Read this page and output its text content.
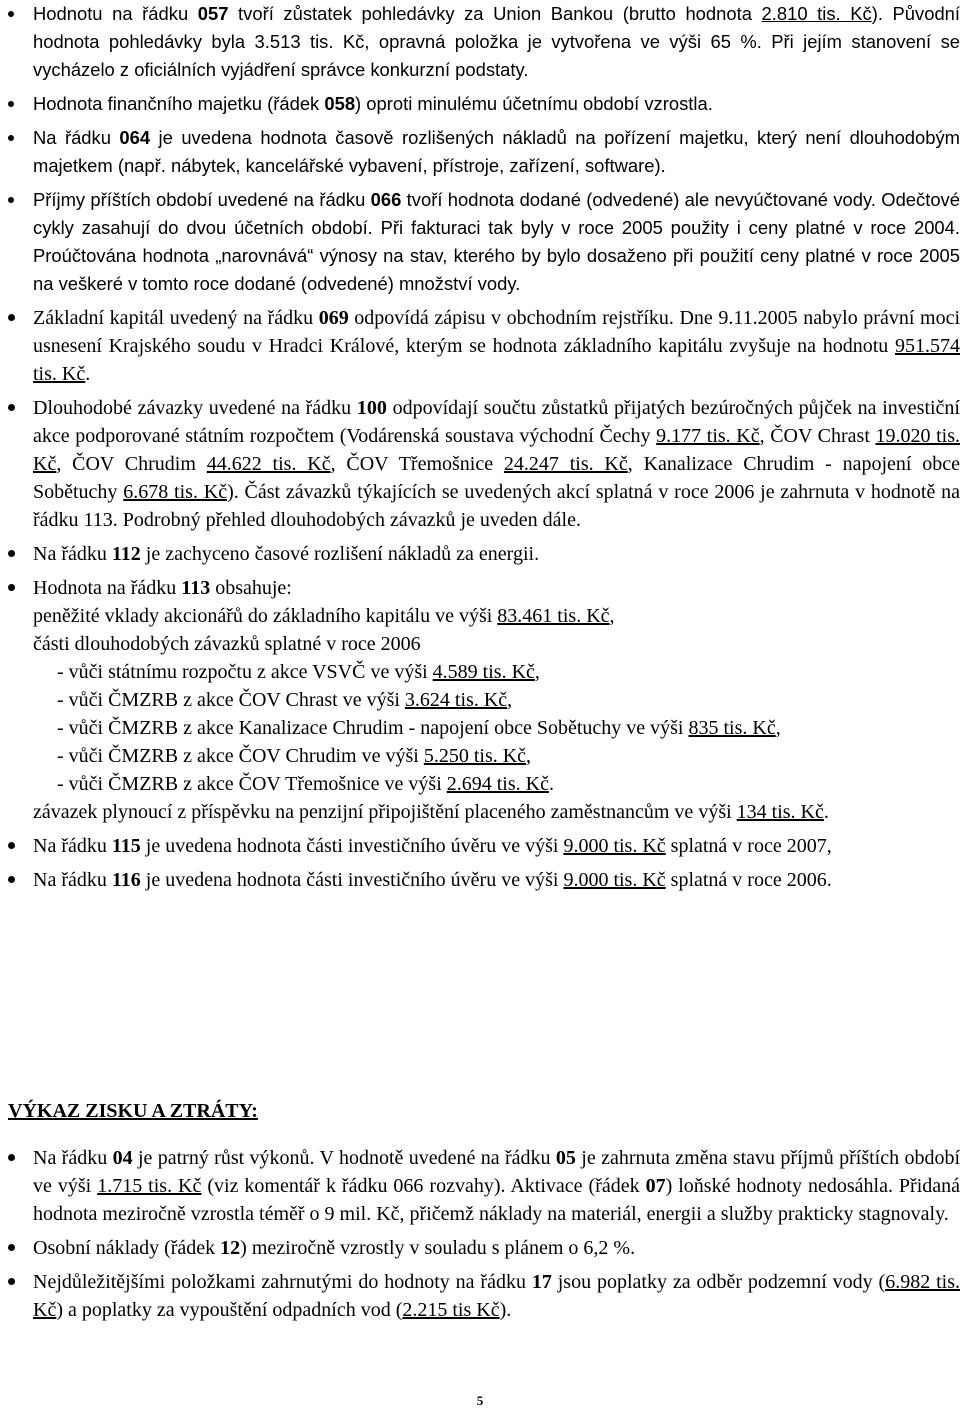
Hodnotu na řádku 057 tvoří zůstatek pohledávky za Union Bankou (brutto hodnota 2.810 tis. Kč). Původní hodnota pohledávky byla 3.513 tis. Kč, opravná položka je vytvořena ve výši 65 %. Při jejím stanovení se vycházelo z oficiálních vyjádření správce konkurzní podstaty.
Hodnota finančního majetku (řádek 058) oproti minulému účetnímu období vzrostla.
Na řádku 064 je uvedena hodnota časově rozlišených nákladů na pořízení majetku, který není dlouhodobým majetkem (např. nábytek, kancelářské vybavení, přístroje, zařízení, software).
Příjmy příštích období uvedené na řádku 066 tvoří hodnota dodané (odvedené) ale nevyúčtované vody. Odečtové cykly zasahují do dvou účetních období. Při fakturaci tak byly v roce 2005 použity i ceny platné v roce 2004. Proúčtována hodnota „narovnává“ výnosy na stav, kterého by bylo dosaženo při použití ceny platné v roce 2005 na veškeré v tomto roce dodané (odvedené) množství vody.
Základní kapitál uvedený na řádku 069 odpovídá zápisu v obchodním rejstříku. Dne 9.11.2005 nabylo právní moci usnesení Krajského soudu v Hradci Králové, kterým se hodnota základního kapitálu zvyšuje na hodnotu 951.574 tis. Kč.
Dlouhodobé závazky uvedené na řádku 100 odpovídají součtu zůstatků přijatých bezúročných půjček na investiční akce podporované státním rozpočtem (Vodárenská soustava východní Čechy 9.177 tis. Kč, ČOV Chrast 19.020 tis. Kč, ČOV Chrudim 44.622 tis. Kč, ČOV Třemošnice 24.247 tis. Kč, Kanalizace Chrudim - napojení obce Sobětuchy 6.678 tis. Kč). Část závazků týkajících se uvedených akcí splatná v roce 2006 je zahrnuta v hodnotě na řádku 113. Podrobný přehled dlouhodobých závazků je uveden dále.
Na řádku 112 je zachyceno časové rozlišení nákladů za energii.
Hodnota na řádku 113 obsahuje:
- peněžité vklady akcionářů do základního kapitálu ve výši 83.461 tis. Kč,
- části dlouhodobých závazků splatné v roce 2006
- vůči státnímu rozpočtu z akce VSVČ ve výši 4.589 tis. Kč,
- vůči ČMZRB z akce ČOV Chrast ve výši 3.624 tis. Kč,
- vůči ČMZRB z akce Kanalizace Chrudim - napojení obce Sobětuchy ve výši 835 tis. Kč,
- vůči ČMZRB z akce ČOV Chrudim ve výši 5.250 tis. Kč,
- vůči ČMZRB z akce ČOV Třemošnice ve výši 2.694 tis. Kč.
- závazek plynoucí z příspěvku na penzijní připojištění placeného zaměstnancům ve výši 134 tis. Kč.
Na řádku 115 je uvedena hodnota části investičního úvěru ve výši 9.000 tis. Kč splatná v roce 2007,
Na řádku 116 je uvedena hodnota části investičního úvěru ve výši 9.000 tis. Kč splatná v roce 2006.
VÝKAZ ZISKU A ZTRÁTY:
Na řádku 04 je patrný růst výkonů. V hodnotě uvedené na řádku 05 je zahrnuta změna stavu příjmů příštích období ve výši 1.715 tis. Kč (viz komentář k řádku 066 rozvahy). Aktivace (řádek 07) loňské hodnoty nedosáhla. Přidaná hodnota meziročně vzrostla téměř o 9 mil. Kč, přičemž náklady na materiál, energii a služby prakticky stagnovaly.
Osobní náklady (řádek 12) meziročně vzrostly v souladu s plánem o 6,2 %.
Nejdůležitějšími položkami zahrnutými do hodnoty na řádku 17 jsou poplatky za odběr podzemní vody (6.982 tis. Kč) a poplatky za vypouštění odpadních vod (2.215 tis Kč).
5
